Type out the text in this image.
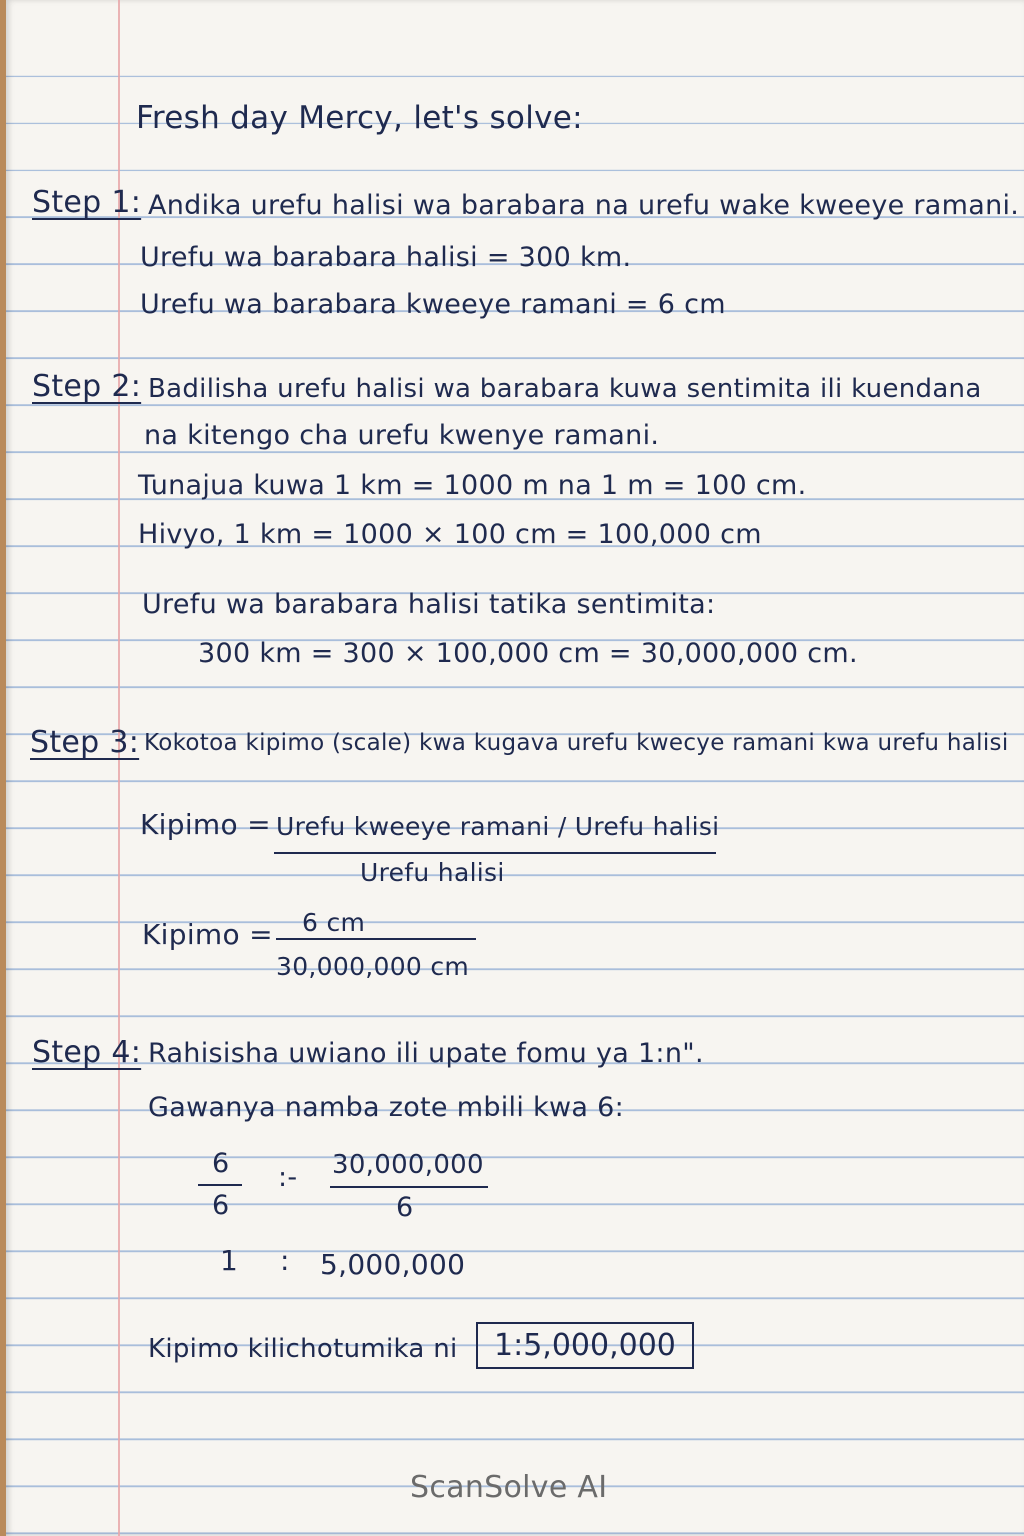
Fresh day Mercy, let's solve:
Step 1: Andika urefu halisi wa barabara na urefu wake kweeye ramani.
Urefu wa barabara halisi = 300 km.
Urefu wa barabara kweeye ramani = 6 cm
Step 2: Badilisha urefu halisi wa barabara kuwa sentimita ili kuendana
na kitengo cha urefu kwenye ramani.
Tunajua kuwa 1 km = 1000 m na 1 m = 100 cm.
Hivyo, 1 km = 1000 × 100 cm = 100,000 cm
Urefu wa barabara halisi tatika sentimita:
300 km = 300 × 100,000 cm = 30,000,000 cm.
Step 3: Kokotoa kipimo (scale) kwa kugava urefu kwecye ramani kwa urefu halisi
Kipimo = Urefu kweeye ramani / Urefu halisi
Urefu halisi
Kipimo = 6 cm
30,000,000 cm
Step 4: Rahisisha uwiano ili upate fomu ya 1:n".
Gawanya namba zote mbili kwa 6:
6
6
:- 30,000,000
6
1 : 5,000,000
Kipimo kilichotumika ni	1:5,000,000
ScanSolve AI
